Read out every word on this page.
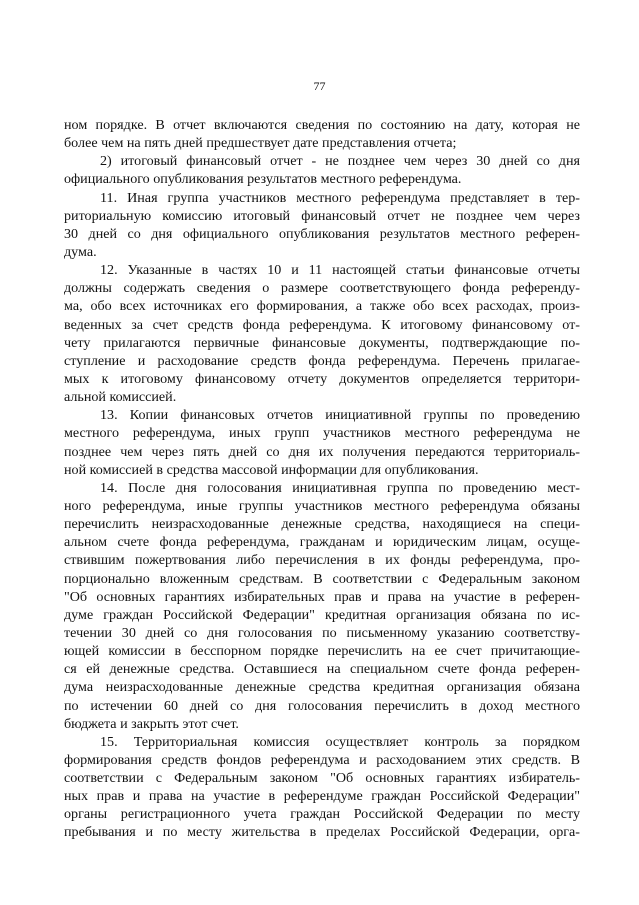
77
ном порядке. В отчет включаются сведения по состоянию на дату, которая не
более чем на пять дней предшествует дате представления отчета;
2) итоговый финансовый отчет - не позднее чем через 30 дней со дня
официального опубликования результатов местного референдума.
11. Иная группа участников местного референдума представляет в тер-
риториальную комиссию итоговый финансовый отчет не позднее чем через
30 дней со дня официального опубликования результатов местного референ-
дума.
12. Указанные в частях 10 и 11 настоящей статьи финансовые отчеты
должны содержать сведения о размере соответствующего фонда референду-
ма, обо всех источниках его формирования, а также обо всех расходах, произ-
веденных за счет средств фонда референдума. К итоговому финансовому от-
чету прилагаются первичные финансовые документы, подтверждающие по-
ступление и расходование средств фонда референдума. Перечень прилагае-
мых к итоговому финансовому отчету документов определяется территори-
альной комиссией.
13. Копии финансовых отчетов инициативной группы по проведению
местного референдума, иных групп участников местного референдума не
позднее чем через пять дней со дня их получения передаются территориаль-
ной комиссией в средства массовой информации для опубликования.
14. После дня голосования инициативная группа по проведению мест-
ного референдума, иные группы участников местного референдума обязаны
перечислить неизрасходованные денежные средства, находящиеся на специ-
альном счете фонда референдума, гражданам и юридическим лицам, осуще-
ствившим пожертвования либо перечисления в их фонды референдума, про-
порционально вложенным средствам. В соответствии с Федеральным законом
"Об основных гарантиях избирательных прав и права на участие в референ-
думе граждан Российской Федерации" кредитная организация обязана по ис-
течении 30 дней со дня голосования по письменному указанию соответству-
ющей комиссии в бесспорном порядке перечислить на ее счет причитающие-
ся ей денежные средства. Оставшиеся на специальном счете фонда референ-
дума неизрасходованные денежные средства кредитная организация обязана
по истечении 60 дней со дня голосования перечислить в доход местного
бюджета и закрыть этот счет.
15. Территориальная комиссия осуществляет контроль за порядком
формирования средств фондов референдума и расходованием этих средств. В
соответствии с Федеральным законом "Об основных гарантиях избиратель-
ных прав и права на участие в референдуме граждан Российской Федерации"
органы регистрационного учета граждан Российской Федерации по месту
пребывания и по месту жительства в пределах Российской Федерации, орга-
